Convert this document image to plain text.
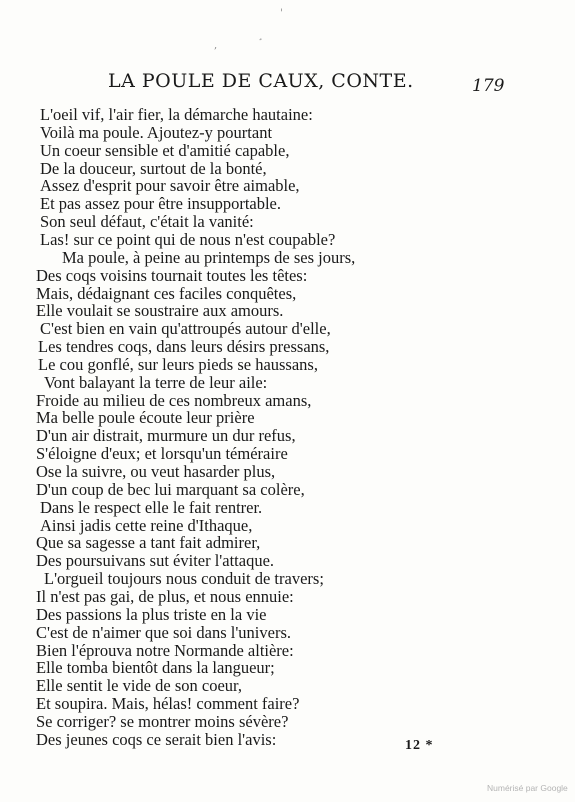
'
¸
,
LA POULE DE CAUX, CONTE.	179
L'oeil vif, l'air fier, la démarche hautaine:
Voilà ma poule. Ajoutez-y pourtant
Un coeur sensible et d'amitié capable,
De la douceur, surtout de la bonté,
Assez d'esprit pour savoir être aimable,
Et pas assez pour être insupportable.
Son seul défaut, c'était la vanité:
Las! sur ce point qui de nous n'est coupable?
Ma poule, à peine au printemps de ses jours,
Des coqs voisins tournait toutes les têtes:
Mais, dédaignant ces faciles conquêtes,
Elle voulait se soustraire aux amours.
C'est bien en vain qu'attroupés autour d'elle,
Les tendres coqs, dans leurs désirs pressans,
Le cou gonflé, sur leurs pieds se haussans,
Vont balayant la terre de leur aile:
Froide au milieu de ces nombreux amans,
Ma belle poule écoute leur prière
D'un air distrait, murmure un dur refus,
S'éloigne d'eux; et lorsqu'un téméraire
Ose la suivre, ou veut hasarder plus,
D'un coup de bec lui marquant sa colère,
Dans le respect elle le fait rentrer.
Ainsi jadis cette reine d'Ithaque,
Que sa sagesse a tant fait admirer,
Des poursuivans sut éviter l'attaque.
L'orgueil toujours nous conduit de travers;
Il n'est pas gai, de plus, et nous ennuie:
Des passions la plus triste en la vie
C'est de n'aimer que soi dans l'univers.
Bien l'éprouva notre Normande altière:
Elle tomba bientôt dans la langueur;
Elle sentit le vide de son coeur,
Et soupira. Mais, hélas! comment faire?
Se corriger? se montrer moins sévère?
Des jeunes coqs ce serait bien l'avis:	12 *
Numérisé par Google
